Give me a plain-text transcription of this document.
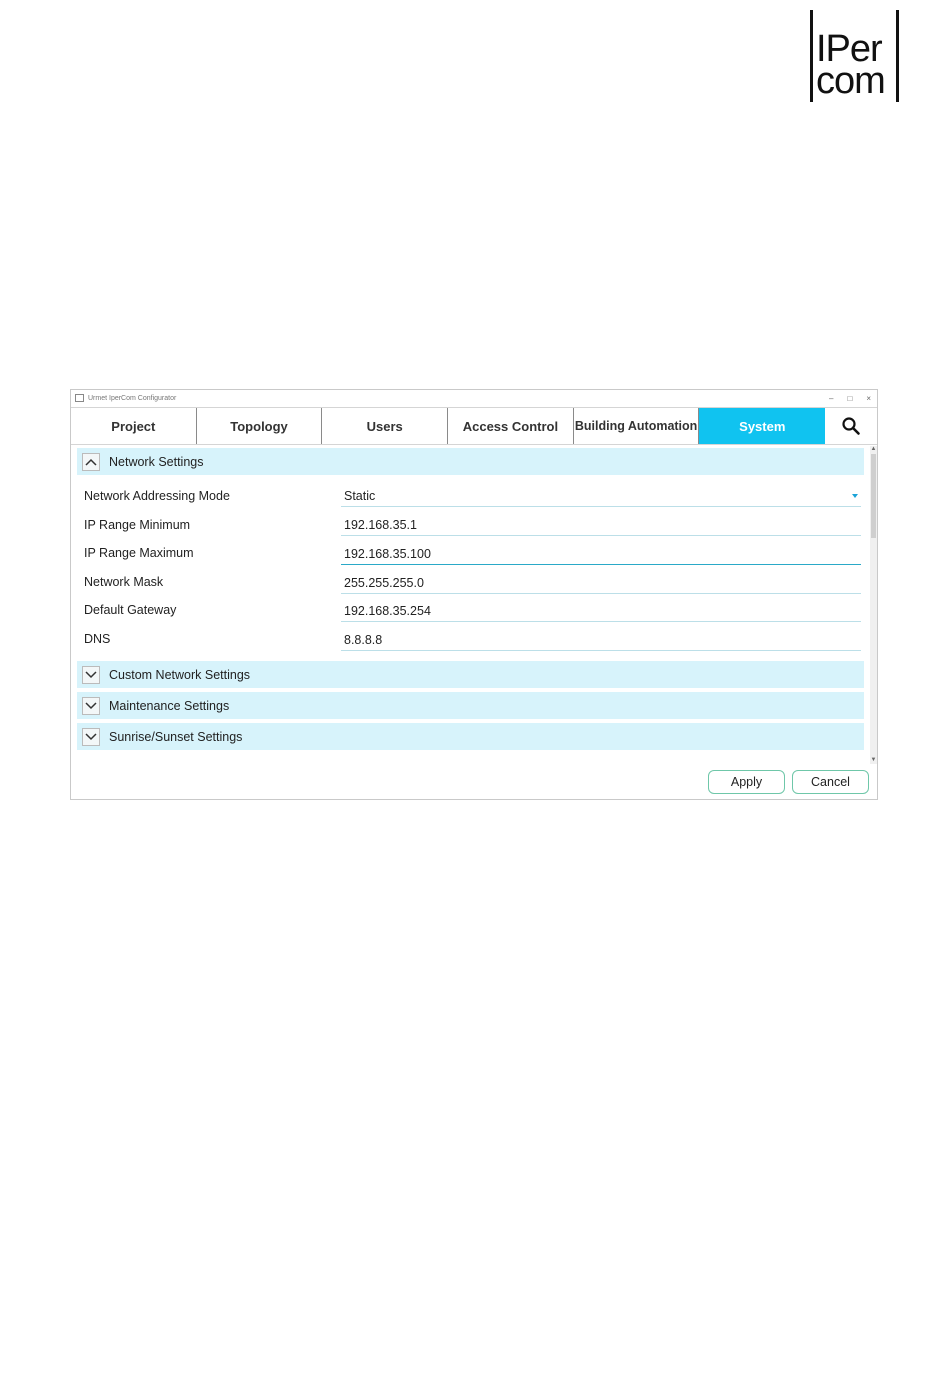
IPer
com
Urmet IperCom Configurator	– □ ×
Project	Topology	Users	Access Control	Building Automation	System
Network Settings
Network Addressing Mode	Static
IP Range Minimum	192.168.35.1
IP Range Maximum	192.168.35.100
Network Mask	255.255.255.0
Default Gateway	192.168.35.254
DNS	8.8.8.8
Custom Network Settings
Maintenance Settings
Sunrise/Sunset Settings
▲
▼
Apply	Cancel
